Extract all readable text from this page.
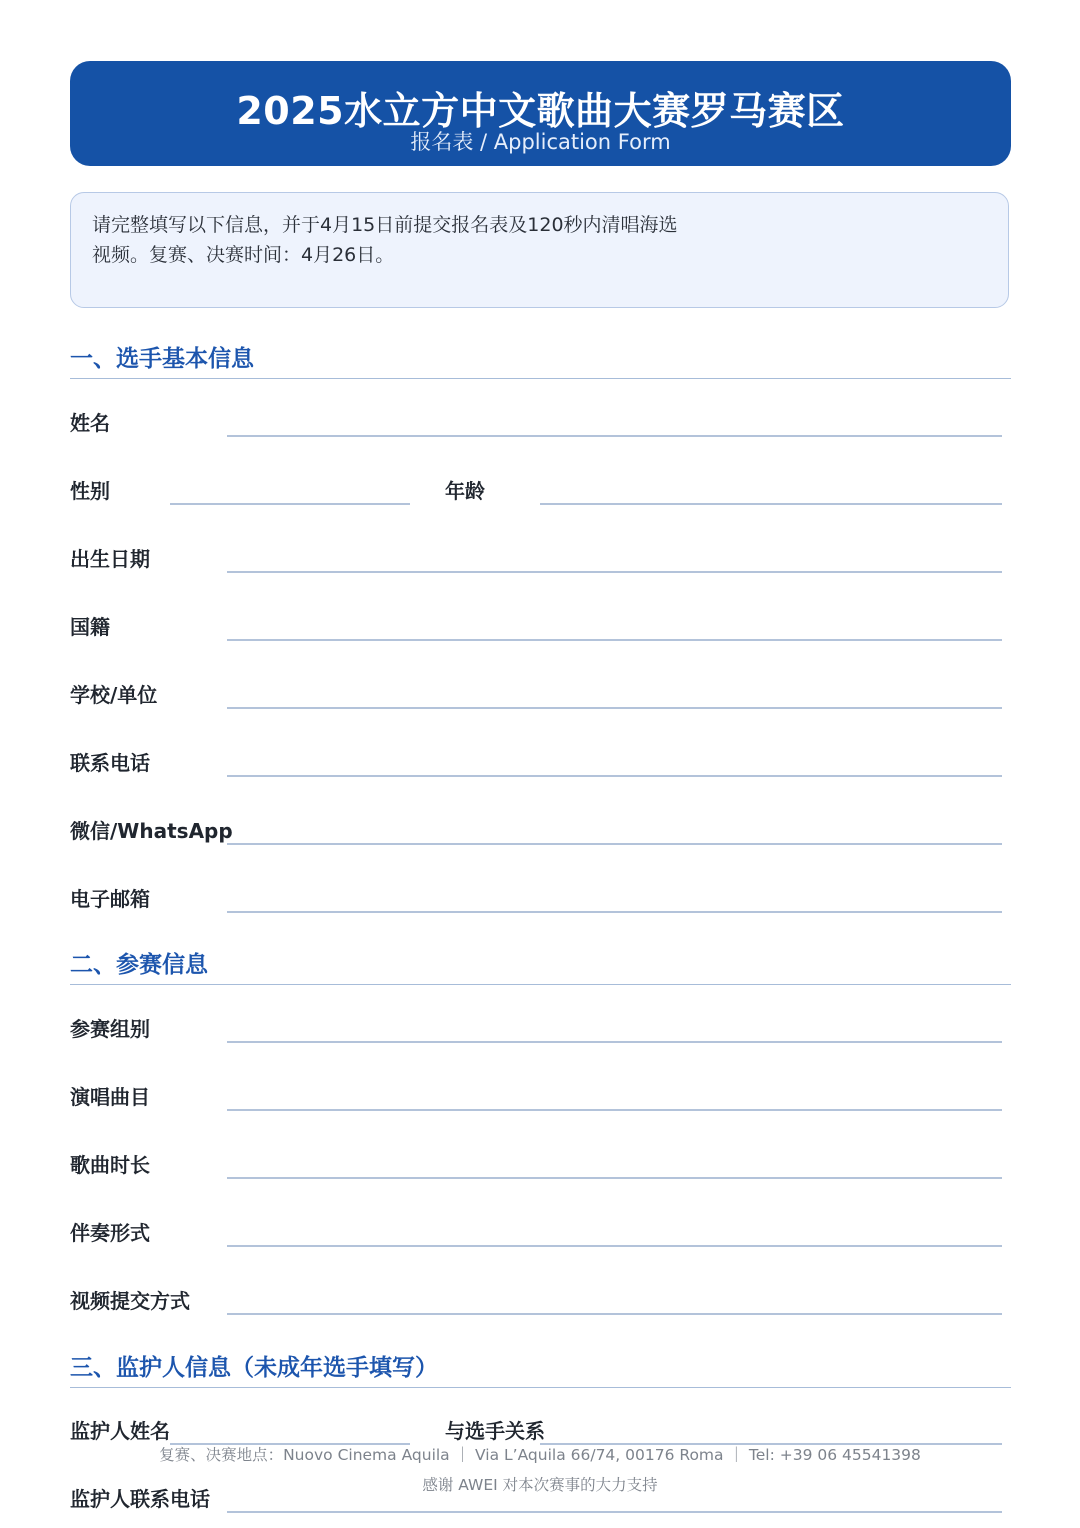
2025水立方中文歌曲大赛罗马赛区
报名表 / Application Form
请完整填写以下信息，并于4月15日前提交报名表及120秒内清唱海选
视频。复赛、决赛时间：4月26日。
一、选手基本信息
姓名
性别	年龄
出生日期
国籍
学校/单位
联系电话
微信/WhatsApp
电子邮箱
二、参赛信息
参赛组别
演唱曲目
歌曲时长
伴奏形式
视频提交方式
三、监护人信息（未成年选手填写）
监护人姓名	与选手关系
监护人联系电话
复赛、决赛地点：Nuovo Cinema Aquila ｜ Via L’Aquila 66/74, 00176 Roma ｜ Tel: +39 06 45541398
感谢 AWEI 对本次赛事的大力支持
